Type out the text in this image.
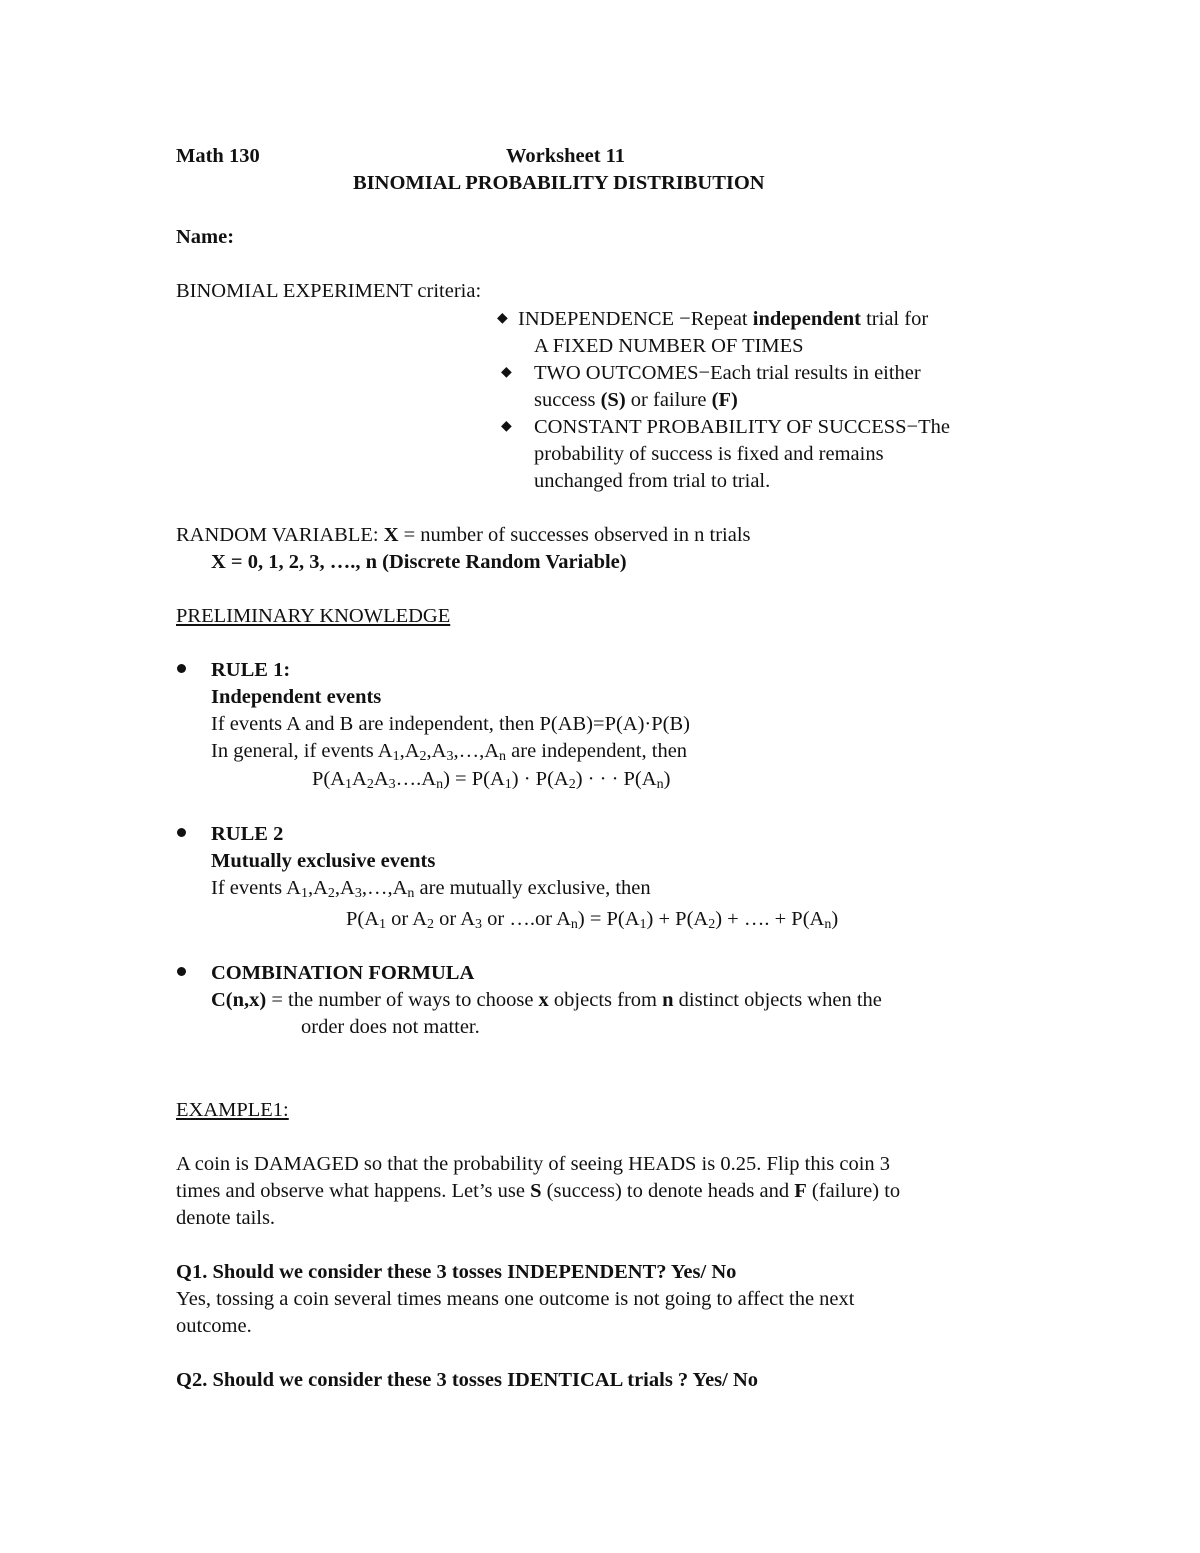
Math 130	Worksheet 11
BINOMIAL PROBABILITY DISTRIBUTION
Name:
BINOMIAL EXPERIMENT criteria:
◆ INDEPENDENCE −Repeat independent trial for
A FIXED NUMBER OF TIMES
◆ TWO OUTCOMES−Each trial results in either
success (S) or failure (F)
◆ CONSTANT PROBABILITY OF SUCCESS−The
probability of success is fixed and remains
unchanged from trial to trial.
RANDOM VARIABLE: X = number of successes observed in n trials
X = 0, 1, 2, 3, …., n (Discrete Random Variable)
PRELIMINARY KNOWLEDGE
RULE 1:
Independent events
If events A and B are independent, then P(AB)=P(A)·P(B)
In general, if events $A_1,A_2,A_3,\dots,A_n$ are independent, then
$P(A_1A_2A_3\dots.A_n) = P(A_1) \cdot P(A_2)$ · · · $P(A_n)$
RULE 2
Mutually exclusive events
If events $A_1,A_2,A_3,\dots,A_n$ are mutually exclusive, then
$P(A_1$ or $A_2$ or $A_3$ or ….or $A_n) = P(A_1) + P(A_2)$ + …. + $P(A_n)$
COMBINATION FORMULA
C(n,x) = the number of ways to choose x objects from n distinct objects when the
order does not matter.
EXAMPLE1:
A coin is DAMAGED so that the probability of seeing HEADS is 0.25. Flip this coin 3
times and observe what happens. Let’s use S (success) to denote heads and F (failure) to
denote tails.
Q1. Should we consider these 3 tosses INDEPENDENT? Yes/ No
Yes, tossing a coin several times means one outcome is not going to affect the next
outcome.
Q2. Should we consider these 3 tosses IDENTICAL trials ? Yes/ No
